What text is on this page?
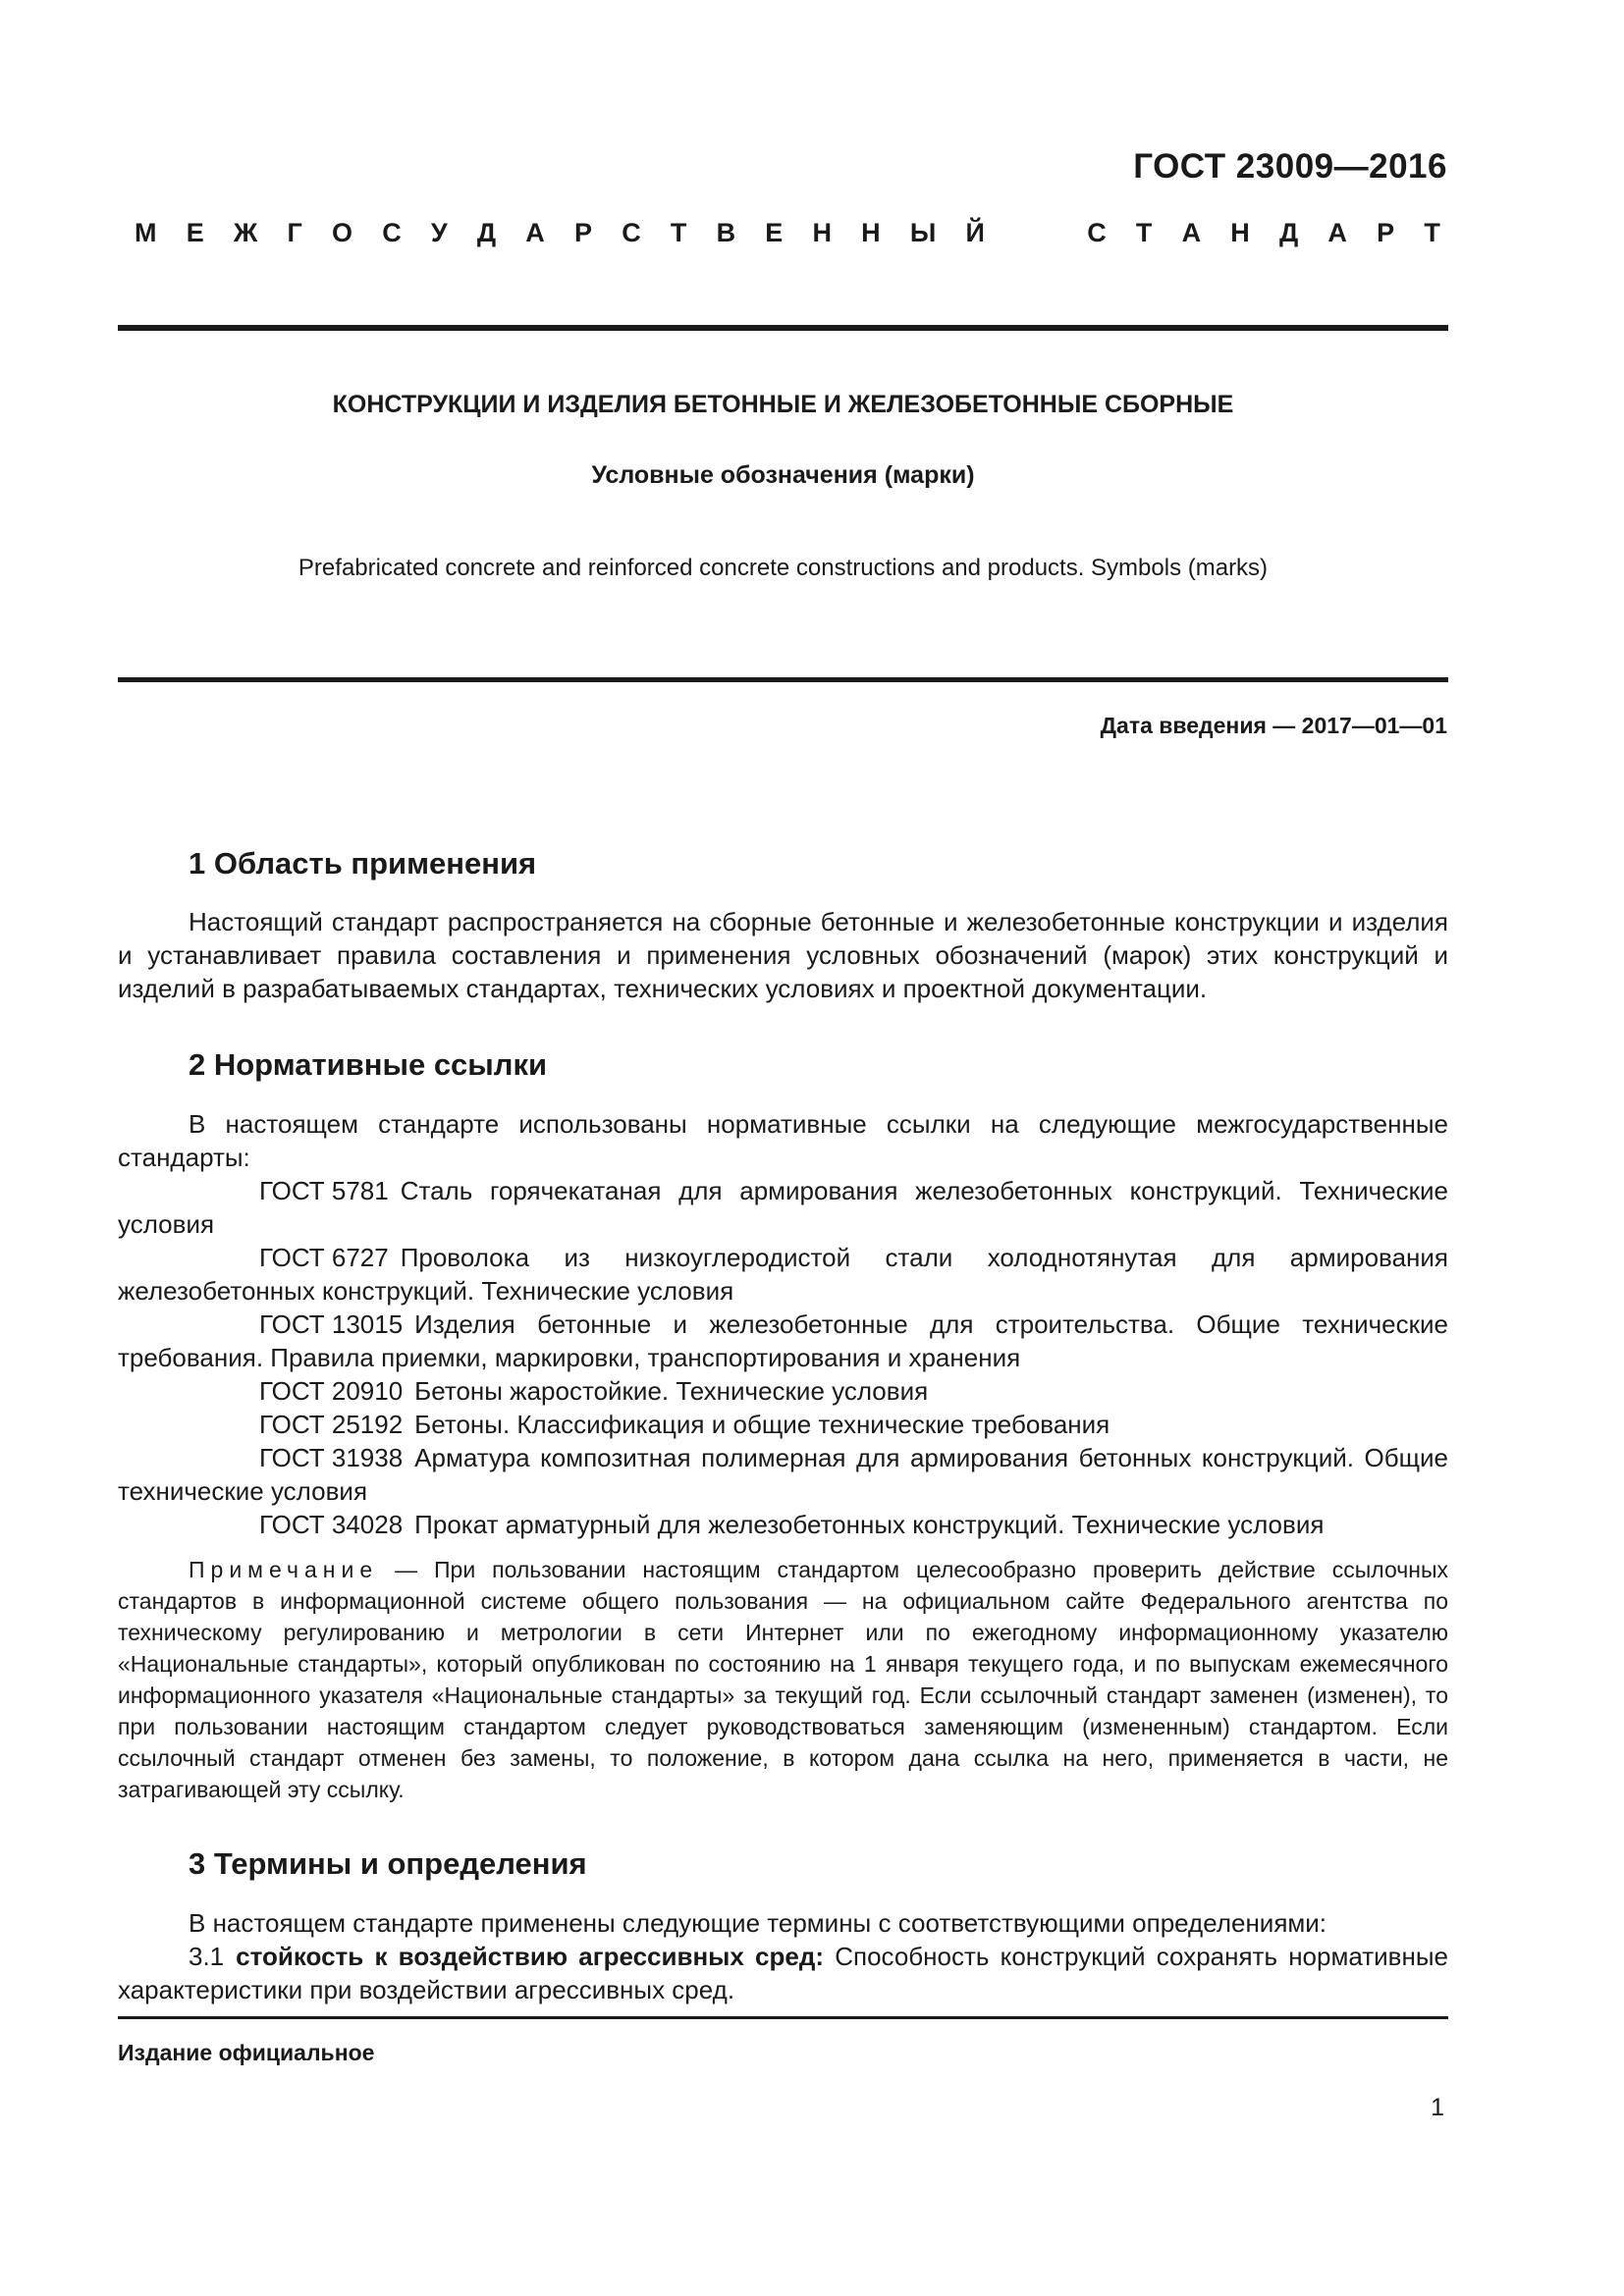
ГОСТ 23009—2016
М Е Ж Г О С У Д А Р С Т В Е Н Н Ы Й	С Т А Н Д А Р Т
КОНСТРУКЦИИ И ИЗДЕЛИЯ БЕТОННЫЕ И ЖЕЛЕЗОБЕТОННЫЕ СБОРНЫЕ
Условные обозначения (марки)
Prefabricated concrete and reinforced concrete constructions and products. Symbols (marks)
Дата введения — 2017—01—01
1 Область применения
Настоящий стандарт распространяется на сборные бетонные и железобетонные конструкции и изделия и устанавливает правила составления и применения условных обозначений (марок) этих конструкций и изделий в разрабатываемых стандартах, технических условиях и проектной документации.
2 Нормативные ссылки
В настоящем стандарте использованы нормативные ссылки на следующие межгосударственные стандарты:
ГОСТ 5781 Сталь горячекатаная для армирования железобетонных конструкций. Технические условия
ГОСТ 6727 Проволока из низкоуглеродистой стали холоднотянутая для армирования железобетонных конструкций. Технические условия
ГОСТ 13015 Изделия бетонные и железобетонные для строительства. Общие технические требования. Правила приемки, маркировки, транспортирования и хранения
ГОСТ 20910 Бетоны жаростойкие. Технические условия
ГОСТ 25192 Бетоны. Классификация и общие технические требования
ГОСТ 31938 Арматура композитная полимерная для армирования бетонных конструкций. Общие технические условия
ГОСТ 34028 Прокат арматурный для железобетонных конструкций. Технические условия
Примечание — При пользовании настоящим стандартом целесообразно проверить действие ссылочных стандартов в информационной системе общего пользования — на официальном сайте Федерального агентства по техническому регулированию и метрологии в сети Интернет или по ежегодному информационному указателю «Национальные стандарты», который опубликован по состоянию на 1 января текущего года, и по выпускам ежемесячного информационного указателя «Национальные стандарты» за текущий год. Если ссылочный стандарт заменен (изменен), то при пользовании настоящим стандартом следует руководствоваться заменяющим (измененным) стандартом. Если ссылочный стандарт отменен без замены, то положение, в котором дана ссылка на него, применяется в части, не затрагивающей эту ссылку.
3 Термины и определения
В настоящем стандарте применены следующие термины с соответствующими определениями:
3.1 стойкость к воздействию агрессивных сред: Способность конструкций сохранять нормативные характеристики при воздействии агрессивных сред.
Издание официальное
1
